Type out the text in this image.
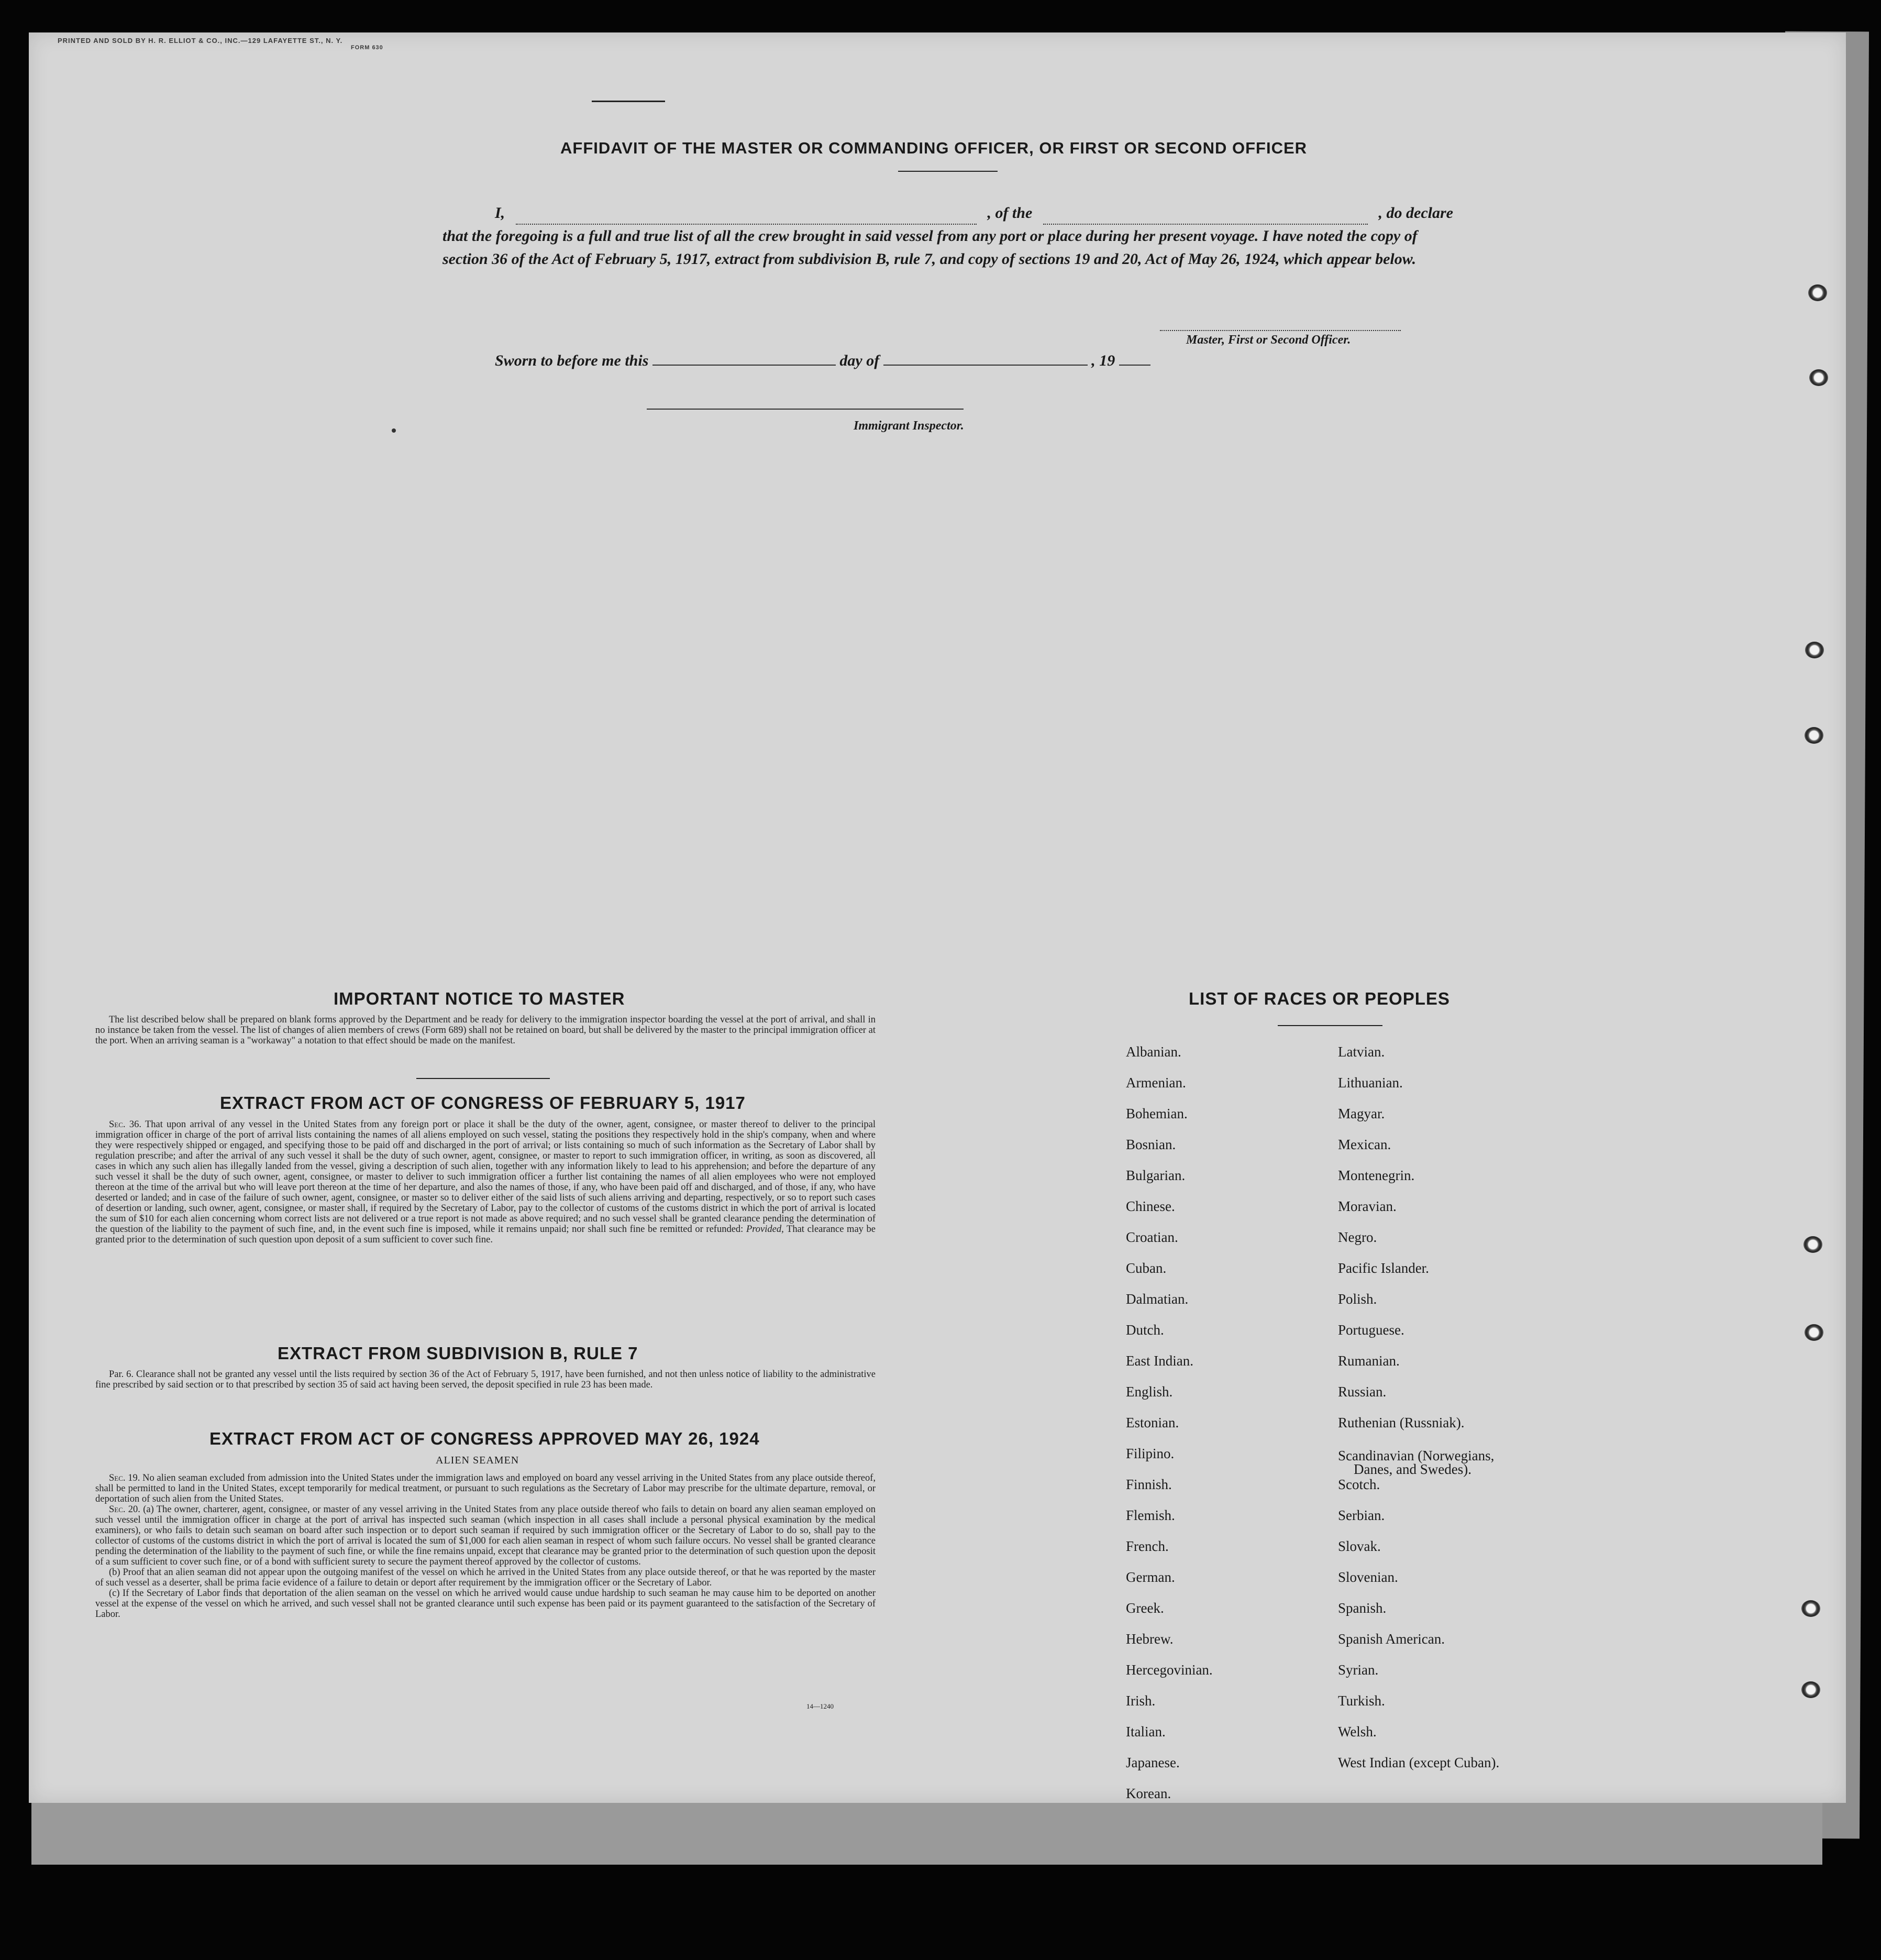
PRINTED AND SOLD BY H. R. ELLIOT & CO., INC.—129 LAFAYETTE ST., N. Y.
FORM 630
AFFIDAVIT OF THE MASTER OR COMMANDING OFFICER, OR FIRST OR SECOND OFFICER
I,	, of the	, do declare
that the foregoing is a full and true list of all the crew brought in said vessel from any port or place during her present voyage. I have noted the copy of section 36 of the Act of February 5, 1917, extract from subdivision B, rule 7, and copy of sections 19 and 20, Act of May 26, 1924, which appear below.
Master, First or Second Officer.
Sworn to before me this	day of	, 19
Immigrant Inspector.
IMPORTANT NOTICE TO MASTER

The list described below shall be prepared on blank forms approved by the Department and be ready for delivery to the immigration inspector boarding the vessel at the port of arrival, and shall in no instance be taken from the vessel. The list of changes of alien members of crews (Form 689) shall not be retained on board, but shall be delivered by the master to the principal immigration officer at the port. When an arriving seaman is a "workaway" a notation to that effect should be made on the manifest.

EXTRACT FROM ACT OF CONGRESS OF FEBRUARY 5, 1917

Sec. 36. That upon arrival of any vessel in the United States from any foreign port or place it shall be the duty of the owner, agent, consignee, or master thereof to deliver to the principal immigration officer in charge of the port of arrival lists containing the names of all aliens employed on such vessel, stating the positions they respectively hold in the ship's company, when and where they were respectively shipped or engaged, and specifying those to be paid off and discharged in the port of arrival; or lists containing so much of such information as the Secretary of Labor shall by regulation prescribe; and after the arrival of any such vessel it shall be the duty of such owner, agent, consignee, or master to report to such immigration officer, in writing, as soon as discovered, all cases in which any such alien has illegally landed from the vessel, giving a description of such alien, together with any information likely to lead to his apprehension; and before the departure of any such vessel it shall be the duty of such owner, agent, consignee, or master to deliver to such immigration officer a further list containing the names of all alien employees who were not employed thereon at the time of the arrival but who will leave port thereon at the time of her departure, and also the names of those, if any, who have been paid off and discharged, and of those, if any, who have deserted or landed; and in case of the failure of such owner, agent, consignee, or master so to deliver either of the said lists of such aliens arriving and departing, respectively, or so to report such cases of desertion or landing, such owner, agent, consignee, or master shall, if required by the Secretary of Labor, pay to the collector of customs of the customs district in which the port of arrival is located the sum of $10 for each alien concerning whom correct lists are not delivered or a true report is not made as above required; and no such vessel shall be granted clearance pending the determination of the question of the liability to the payment of such fine, and, in the event such fine is imposed, while it remains unpaid; nor shall such fine be remitted or refunded: Provided, That clearance may be granted prior to the determination of such question upon deposit of a sum sufficient to cover such fine.

EXTRACT FROM SUBDIVISION B, RULE 7

Par. 6. Clearance shall not be granted any vessel until the lists required by section 36 of the Act of February 5, 1917, have been furnished, and not then unless notice of liability to the administrative fine prescribed by said section or to that prescribed by section 35 of said act having been served, the deposit specified in rule 23 has been made.

EXTRACT FROM ACT OF CONGRESS APPROVED MAY 26, 1924
ALIEN SEAMEN

Sec. 19. No alien seaman excluded from admission into the United States under the immigration laws and employed on board any vessel arriving in the United States from any place outside thereof, shall be permitted to land in the United States, except temporarily for medical treatment, or pursuant to such regulations as the Secretary of Labor may prescribe for the ultimate departure, removal, or deportation of such alien from the United States.

Sec. 20. (a) The owner, charterer, agent, consignee, or master of any vessel arriving in the United States from any place outside thereof who fails to detain on board any alien seaman employed on such vessel until the immigration officer in charge at the port of arrival has inspected such seaman (which inspection in all cases shall include a personal physical examination by the medical examiners), or who fails to detain such seaman on board after such inspection or to deport such seaman if required by such immigration officer or the Secretary of Labor to do so, shall pay to the collector of customs of the customs district in which the port of arrival is located the sum of $1,000 for each alien seaman in respect of whom such failure occurs. No vessel shall be granted clearance pending the determination of the liability to the payment of such fine, or while the fine remains unpaid, except that clearance may be granted prior to the determination of such question upon the deposit of a sum sufficient to cover such fine, or of a bond with sufficient surety to secure the payment thereof approved by the collector of customs.

(b) Proof that an alien seaman did not appear upon the outgoing manifest of the vessel on which he arrived in the United States from any place outside thereof, or that he was reported by the master of such vessel as a deserter, shall be prima facie evidence of a failure to detain or deport after requirement by the immigration officer or the Secretary of Labor.

(c) If the Secretary of Labor finds that deportation of the alien seaman on the vessel on which he arrived would cause undue hardship to such seaman he may cause him to be deported on another vessel at the expense of the vessel on which he arrived, and such vessel shall not be granted clearance until such expense has been paid or its payment guaranteed to the satisfaction of the Secretary of Labor.

14—1240
LIST OF RACES OR PEOPLES
Albanian.
Armenian.
Bohemian.
Bosnian.
Bulgarian.
Chinese.
Croatian.
Cuban.
Dalmatian.
Dutch.
East Indian.
English.
Estonian.
Filipino.
Finnish.
Flemish.
French.
German.
Greek.
Hebrew.
Hercegovinian.
Irish.
Italian.
Japanese.
Korean.
Latvian.
Lithuanian.
Magyar.
Mexican.
Montenegrin.
Moravian.
Negro.
Pacific Islander.
Polish.
Portuguese.
Rumanian.
Russian.
Ruthenian (Russniak).
Scandinavian (Norwegians,
Danes, and Swedes).
Scotch.
Serbian.
Slovak.
Slovenian.
Spanish.
Spanish American.
Syrian.
Turkish.
Welsh.
West Indian (except Cuban).
